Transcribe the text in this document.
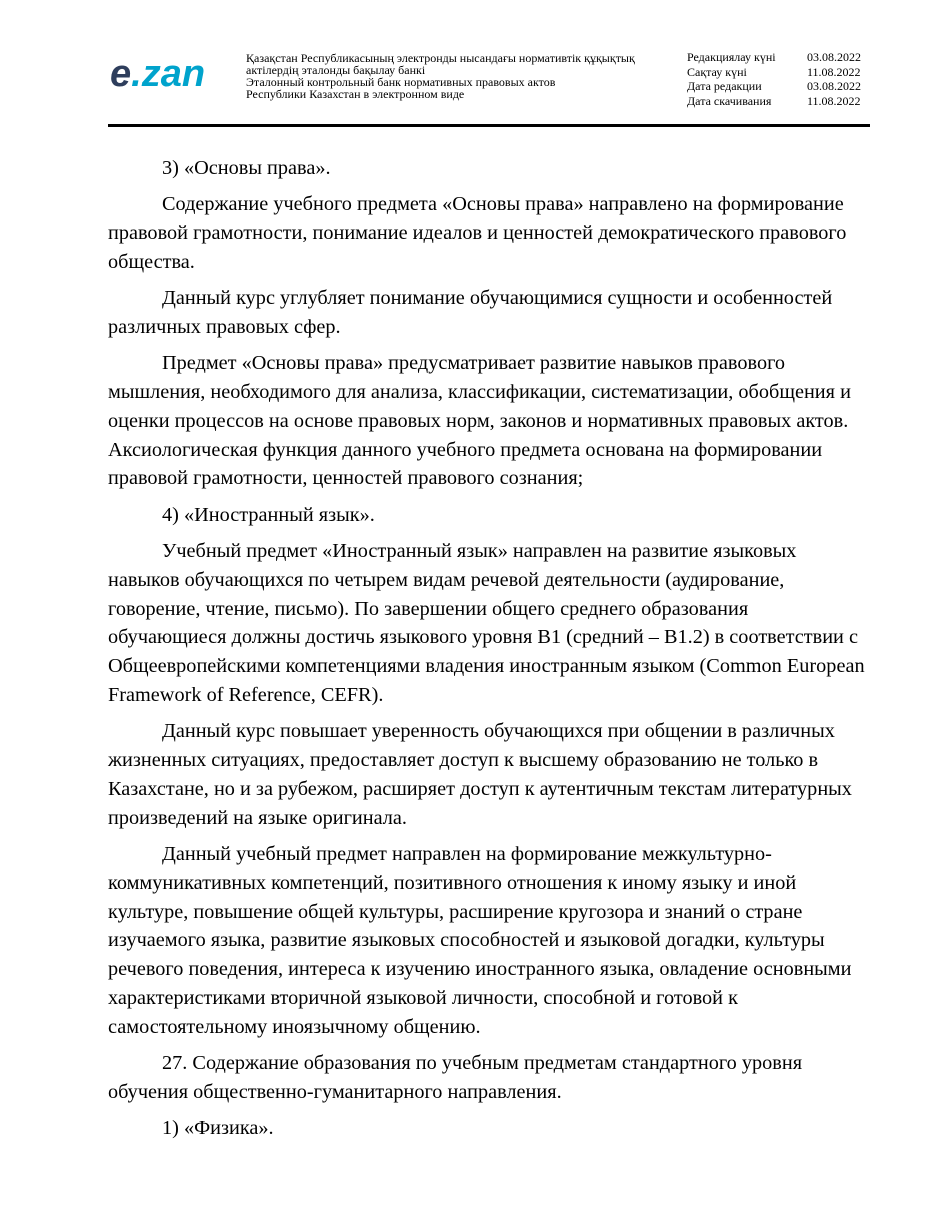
e.zan	Қазақстан Республикасының электронды нысандағы нормативтік құқықтық
актілердің эталонды бақылау банкі
Эталонный контрольный банк нормативных правовых актов
Республики Казахстан в электронном виде
Редакциялау күні	03.08.2022
Сақтау күні	11.08.2022
Дата редакции	03.08.2022
Дата скачивания	11.08.2022

3) «Основы права».

Содержание учебного предмета «Основы права» направлено на формирование правовой грамотности, понимание идеалов и ценностей демократического правового общества.

Данный курс углубляет понимание обучающимися сущности и особенностей различных правовых сфер.

Предмет «Основы права» предусматривает развитие навыков правового мышления, необходимого для анализа, классификации, систематизации, обобщения и оценки процессов на основе правовых норм, законов и нормативных правовых актов. Аксиологическая функция данного учебного предмета основана на формировании правовой грамотности, ценностей правового сознания;

4) «Иностранный язык».

Учебный предмет «Иностранный язык» направлен на развитие языковых навыков обучающихся по четырем видам речевой деятельности (аудирование, говорение, чтение, письмо). По завершении общего среднего образования обучающиеся должны достичь языкового уровня В1 (средний – В1.2) в соответствии с Общеевропейскими компетенциями владения иностранным языком (Common European Framework of Reference, CEFR).

Данный курс повышает уверенность обучающихся при общении в различных жизненных ситуациях, предоставляет доступ к высшему образованию не только в Казахстане, но и за рубежом, расширяет доступ к аутентичным текстам литературных произведений на языке оригинала.

Данный учебный предмет направлен на формирование межкультурно-коммуникативных компетенций, позитивного отношения к иному языку и иной культуре, повышение общей культуры, расширение кругозора и знаний о стране изучаемого языка, развитие языковых способностей и языковой догадки, культуры речевого поведения, интереса к изучению иностранного языка, овладение основными характеристиками вторичной языковой личности, способной и готовой к самостоятельному иноязычному общению.

27. Содержание образования по учебным предметам стандартного уровня обучения общественно-гуманитарного направления.

1) «Физика».
